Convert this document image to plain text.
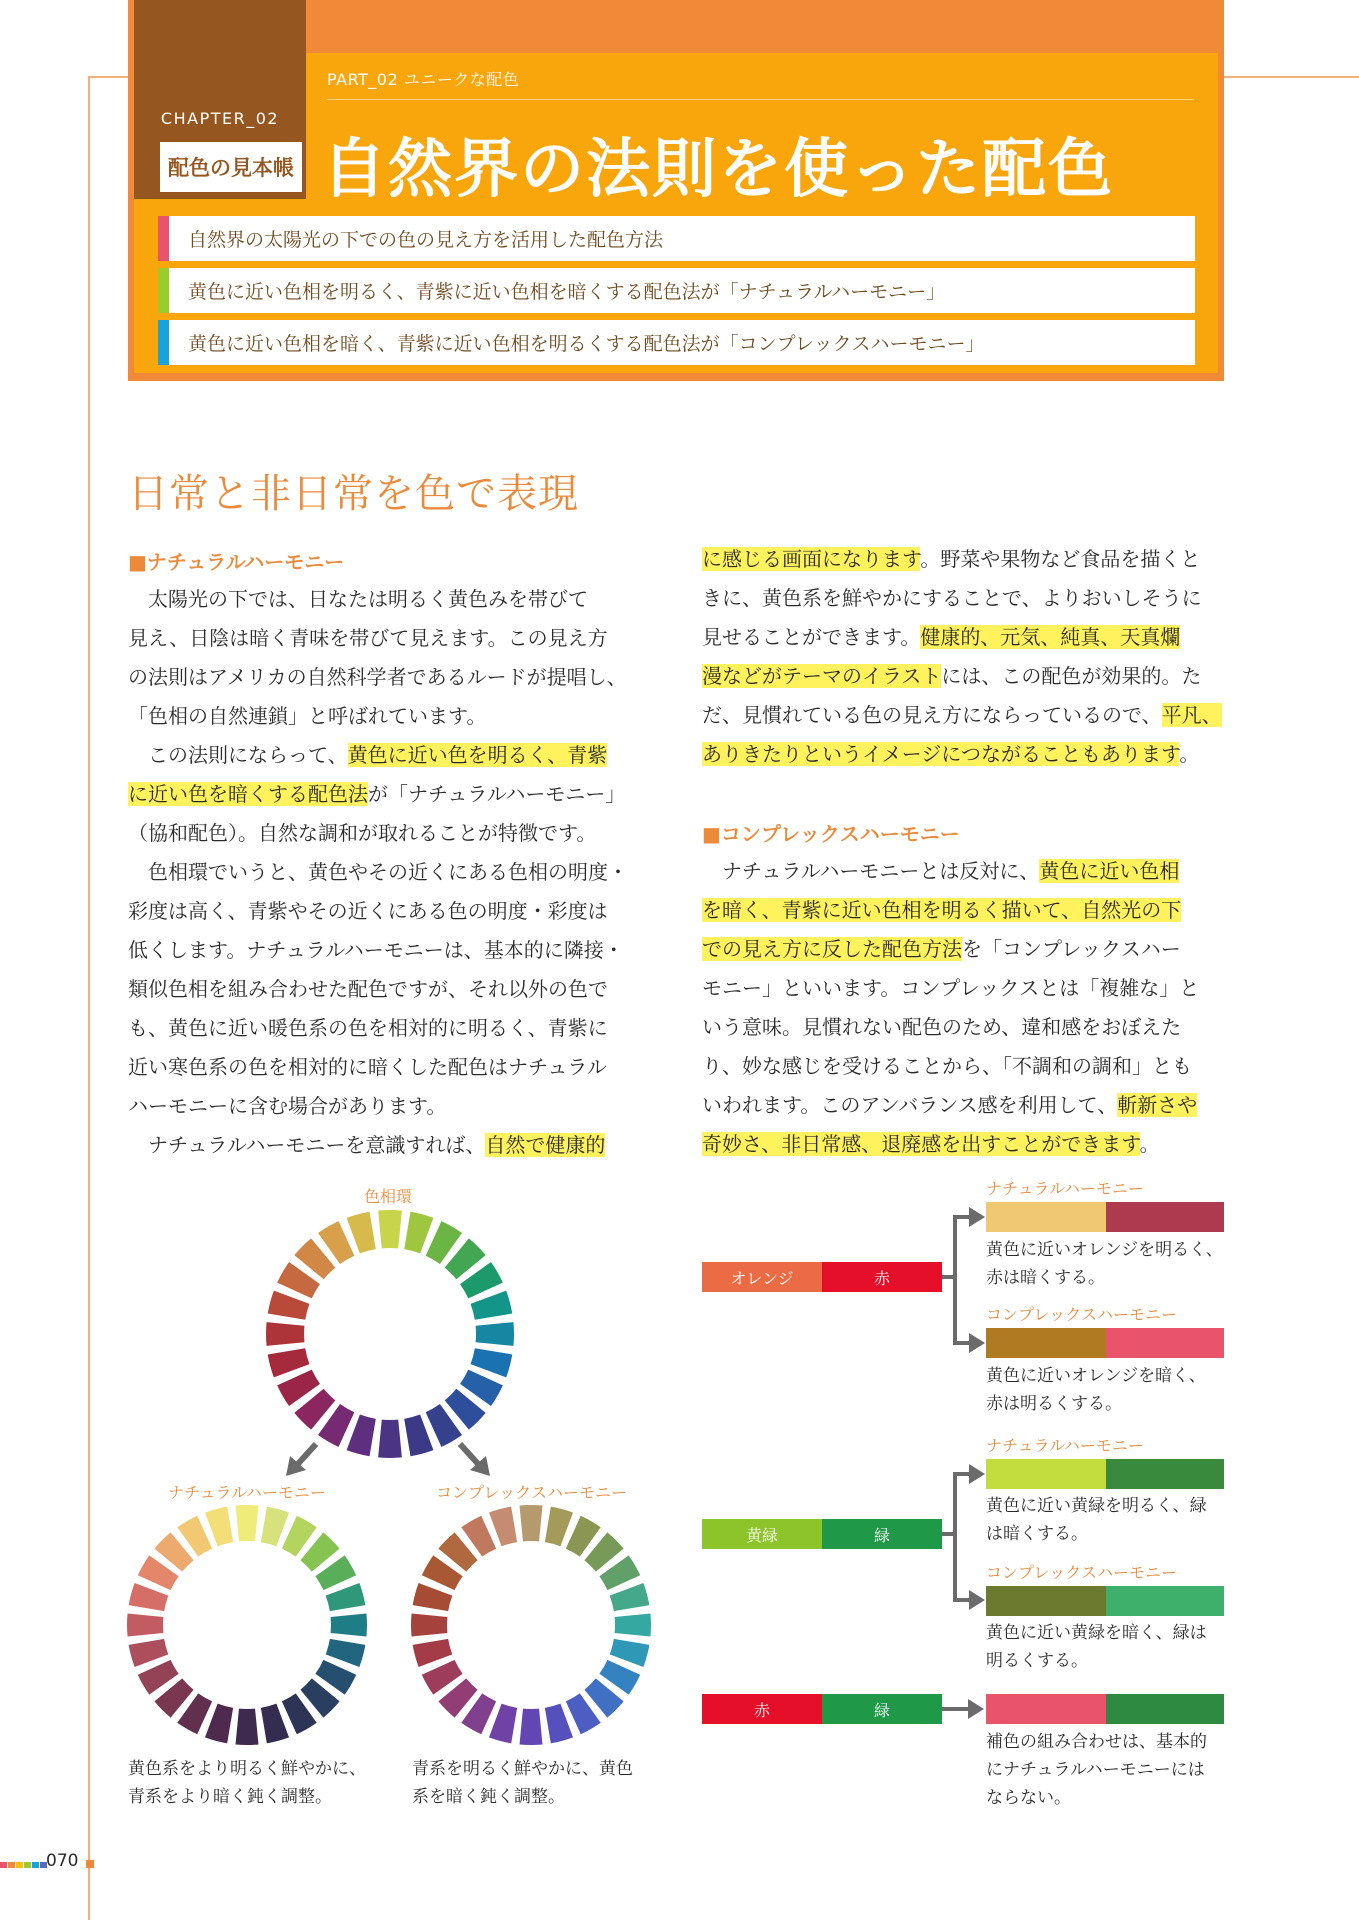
CHAPTER_02
配色の見本帳
PART_02 ユニークな配色
自然界の法則を使った配色
自然界の太陽光の下での色の見え方を活用した配色方法
黄色に近い色相を明るく、青紫に近い色相を暗くする配色法が「ナチュラルハーモニー」
黄色に近い色相を暗く、青紫に近い色相を明るくする配色法が「コンプレックスハーモニー」
日常と非日常を色で表現
■ナチュラルハーモニー
　太陽光の下では、日なたは明るく黄色みを帯びて
見え、日陰は暗く青味を帯びて見えます。この見え方
の法則はアメリカの自然科学者であるルードが提唱し、
「色相の自然連鎖」と呼ばれています。
　この法則にならって、黄色に近い色を明るく、青紫
に近い色を暗くする配色法が「ナチュラルハーモニー」
（協和配色）。自然な調和が取れることが特徴です。
　色相環でいうと、黄色やその近くにある色相の明度・
彩度は高く、青紫やその近くにある色の明度・彩度は
低くします。ナチュラルハーモニーは、基本的に隣接・
類似色相を組み合わせた配色ですが、それ以外の色で
も、黄色に近い暖色系の色を相対的に明るく、青紫に
近い寒色系の色を相対的に暗くした配色はナチュラル
ハーモニーに含む場合があります。
　ナチュラルハーモニーを意識すれば、自然で健康的
に感じる画面になります。野菜や果物など食品を描くと
きに、黄色系を鮮やかにすることで、よりおいしそうに
見せることができます。健康的、元気、純真、天真爛
漫などがテーマのイラストには、この配色が効果的。た
だ、見慣れている色の見え方にならっているので、平凡、
ありきたりというイメージにつながることもあります。
■コンプレックスハーモニー
　ナチュラルハーモニーとは反対に、黄色に近い色相
を暗く、青紫に近い色相を明るく描いて、自然光の下
での見え方に反した配色方法を「コンプレックスハー
モニー」といいます。コンプレックスとは「複雑な」と
いう意味。見慣れない配色のため、違和感をおぼえた
り、妙な感じを受けることから、「不調和の調和」とも
いわれます。このアンバランス感を利用して、斬新さや
奇妙さ、非日常感、退廃感を出すことができます。
色相環
ナチュラルハーモニー	コンプレックスハーモニー
黄色系をより明るく鮮やかに、
青系をより暗く鈍く調整。
青系を明るく鮮やかに、黄色
系を暗く鈍く調整。
オレンジ	赤
ナチュラルハーモニー
黄色に近いオレンジを明るく、
赤は暗くする。
コンプレックスハーモニー
黄色に近いオレンジを暗く、
赤は明るくする。
黄緑	緑
ナチュラルハーモニー
黄色に近い黄緑を明るく、緑
は暗くする。
コンプレックスハーモニー
黄色に近い黄緑を暗く、緑は
明るくする。
赤	緑
補色の組み合わせは、基本的
にナチュラルハーモニーには
ならない。
070
